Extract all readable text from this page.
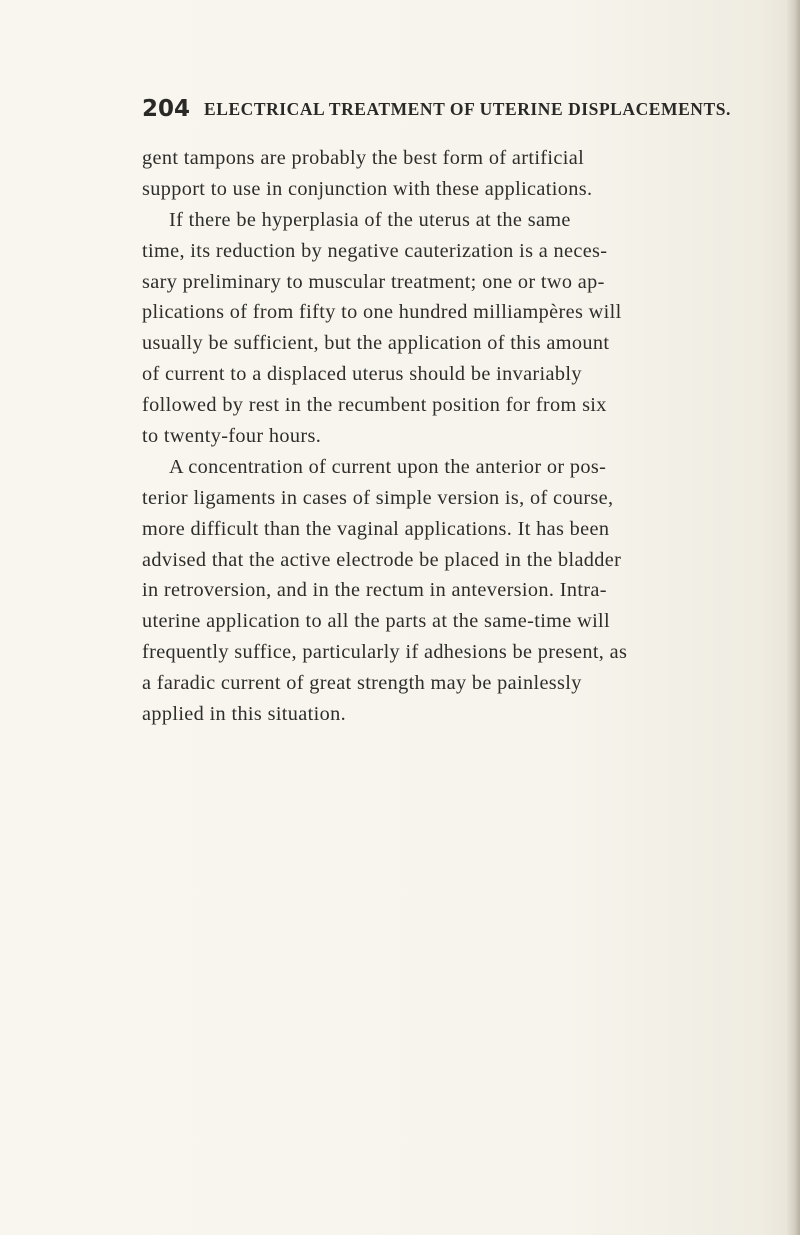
204 ELECTRICAL TREATMENT OF UTERINE DISPLACEMENTS.
gent tampons are probably the best form of artificial
support to use in conjunction with these applications.
If there be hyperplasia of the uterus at the same
time, its reduction by negative cauterization is a neces-
sary preliminary to muscular treatment; one or two ap-
plications of from fifty to one hundred milliampères will
usually be sufficient, but the application of this amount
of current to a displaced uterus should be invariably
followed by rest in the recumbent position for from six
to twenty-four hours.
A concentration of current upon the anterior or pos-
terior ligaments in cases of simple version is, of course,
more difficult than the vaginal applications. It has been
advised that the active electrode be placed in the bladder
in retroversion, and in the rectum in anteversion. Intra-
uterine application to all the parts at the same-time will
frequently suffice, particularly if adhesions be present, as
a faradic current of great strength may be painlessly
applied in this situation.
